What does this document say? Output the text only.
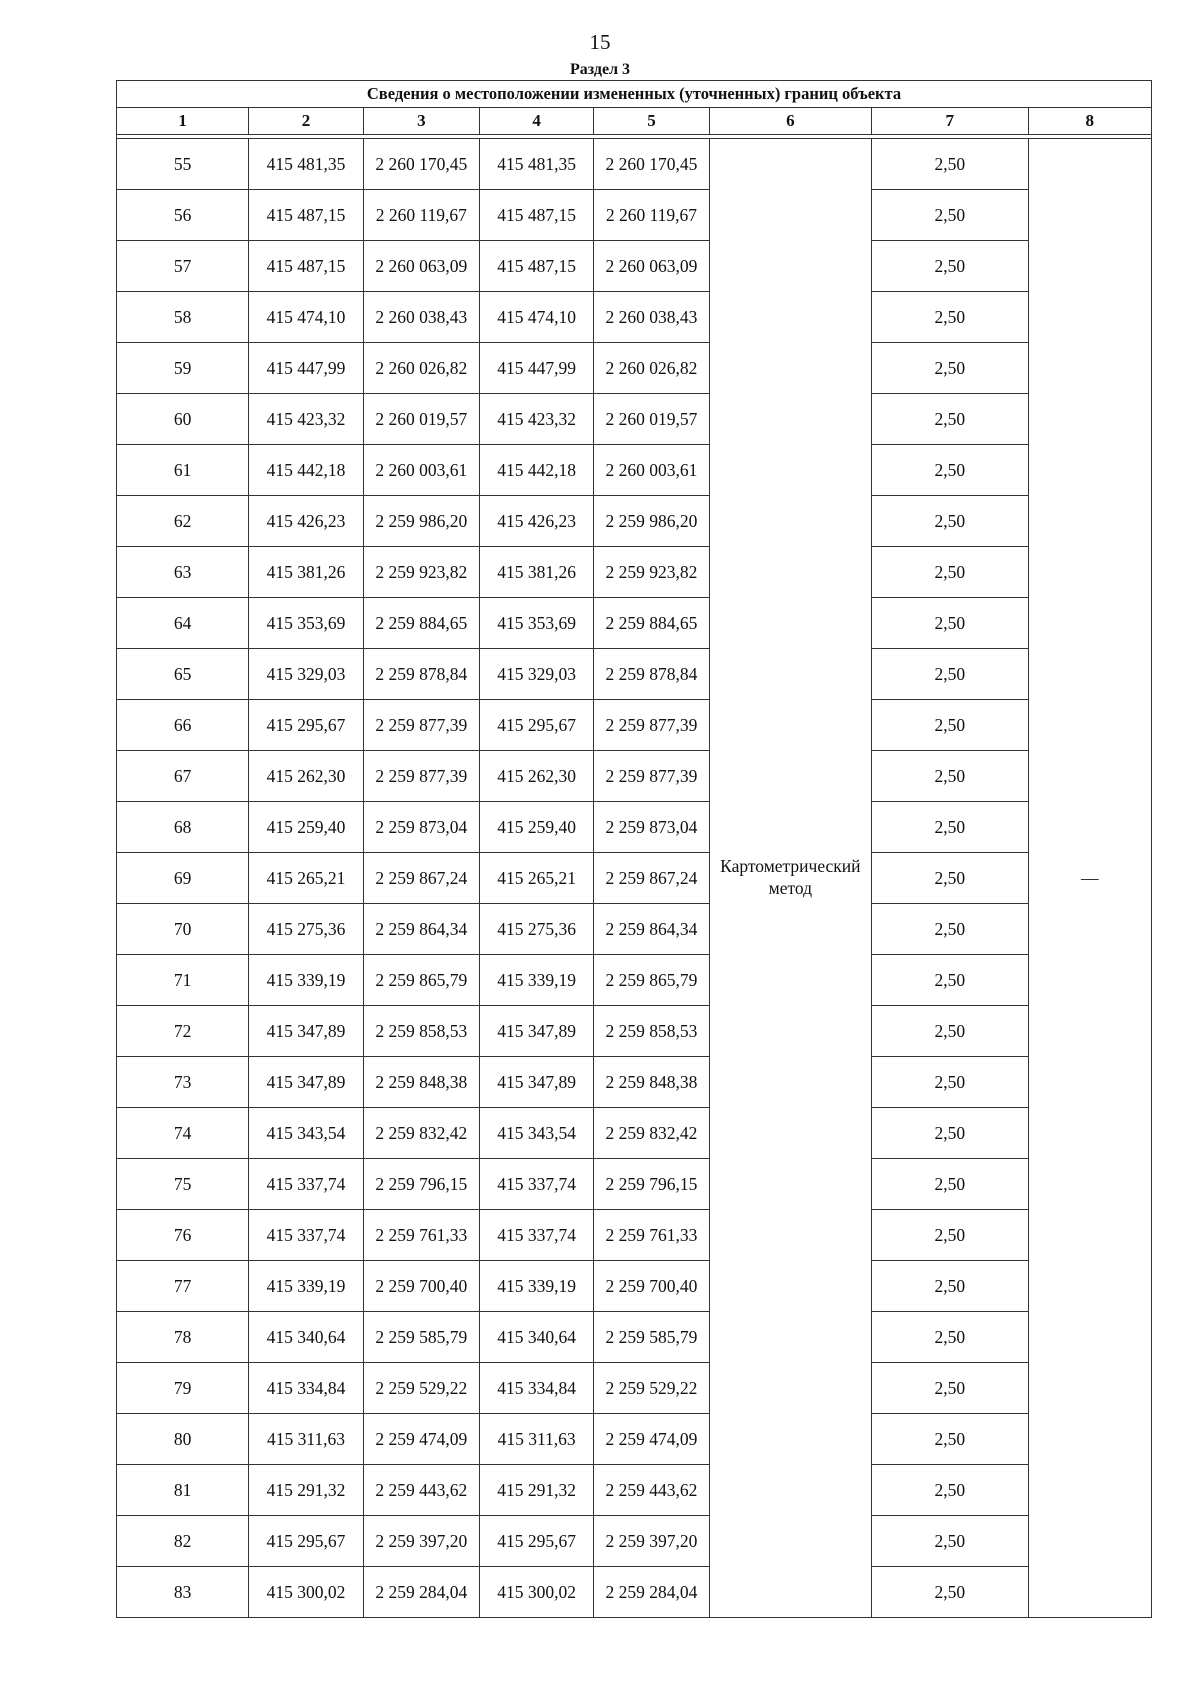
15
Раздел 3
Сведения о местоположении измененных (уточненных) границ объекта							
1	2	3	4	5	6	7	8

55	415 481,35	2 260 170,45	415 481,35	2 260 170,45	Картометрический метод	2,50	—
56	415 487,15	2 260 119,67	415 487,15	2 260 119,67		2,50	
57	415 487,15	2 260 063,09	415 487,15	2 260 063,09		2,50	
58	415 474,10	2 260 038,43	415 474,10	2 260 038,43		2,50	
59	415 447,99	2 260 026,82	415 447,99	2 260 026,82		2,50	
60	415 423,32	2 260 019,57	415 423,32	2 260 019,57		2,50	
61	415 442,18	2 260 003,61	415 442,18	2 260 003,61		2,50	
62	415 426,23	2 259 986,20	415 426,23	2 259 986,20		2,50	
63	415 381,26	2 259 923,82	415 381,26	2 259 923,82		2,50	
64	415 353,69	2 259 884,65	415 353,69	2 259 884,65		2,50	
65	415 329,03	2 259 878,84	415 329,03	2 259 878,84		2,50	
66	415 295,67	2 259 877,39	415 295,67	2 259 877,39		2,50	
67	415 262,30	2 259 877,39	415 262,30	2 259 877,39		2,50	
68	415 259,40	2 259 873,04	415 259,40	2 259 873,04		2,50	
69	415 265,21	2 259 867,24	415 265,21	2 259 867,24		2,50	
70	415 275,36	2 259 864,34	415 275,36	2 259 864,34		2,50	
71	415 339,19	2 259 865,79	415 339,19	2 259 865,79		2,50	
72	415 347,89	2 259 858,53	415 347,89	2 259 858,53		2,50	
73	415 347,89	2 259 848,38	415 347,89	2 259 848,38		2,50	
74	415 343,54	2 259 832,42	415 343,54	2 259 832,42		2,50	
75	415 337,74	2 259 796,15	415 337,74	2 259 796,15		2,50	
76	415 337,74	2 259 761,33	415 337,74	2 259 761,33		2,50	
77	415 339,19	2 259 700,40	415 339,19	2 259 700,40		2,50	
78	415 340,64	2 259 585,79	415 340,64	2 259 585,79		2,50	
79	415 334,84	2 259 529,22	415 334,84	2 259 529,22		2,50	
80	415 311,63	2 259 474,09	415 311,63	2 259 474,09		2,50	
81	415 291,32	2 259 443,62	415 291,32	2 259 443,62		2,50	
82	415 295,67	2 259 397,20	415 295,67	2 259 397,20		2,50	
83	415 300,02	2 259 284,04	415 300,02	2 259 284,04		2,50	
